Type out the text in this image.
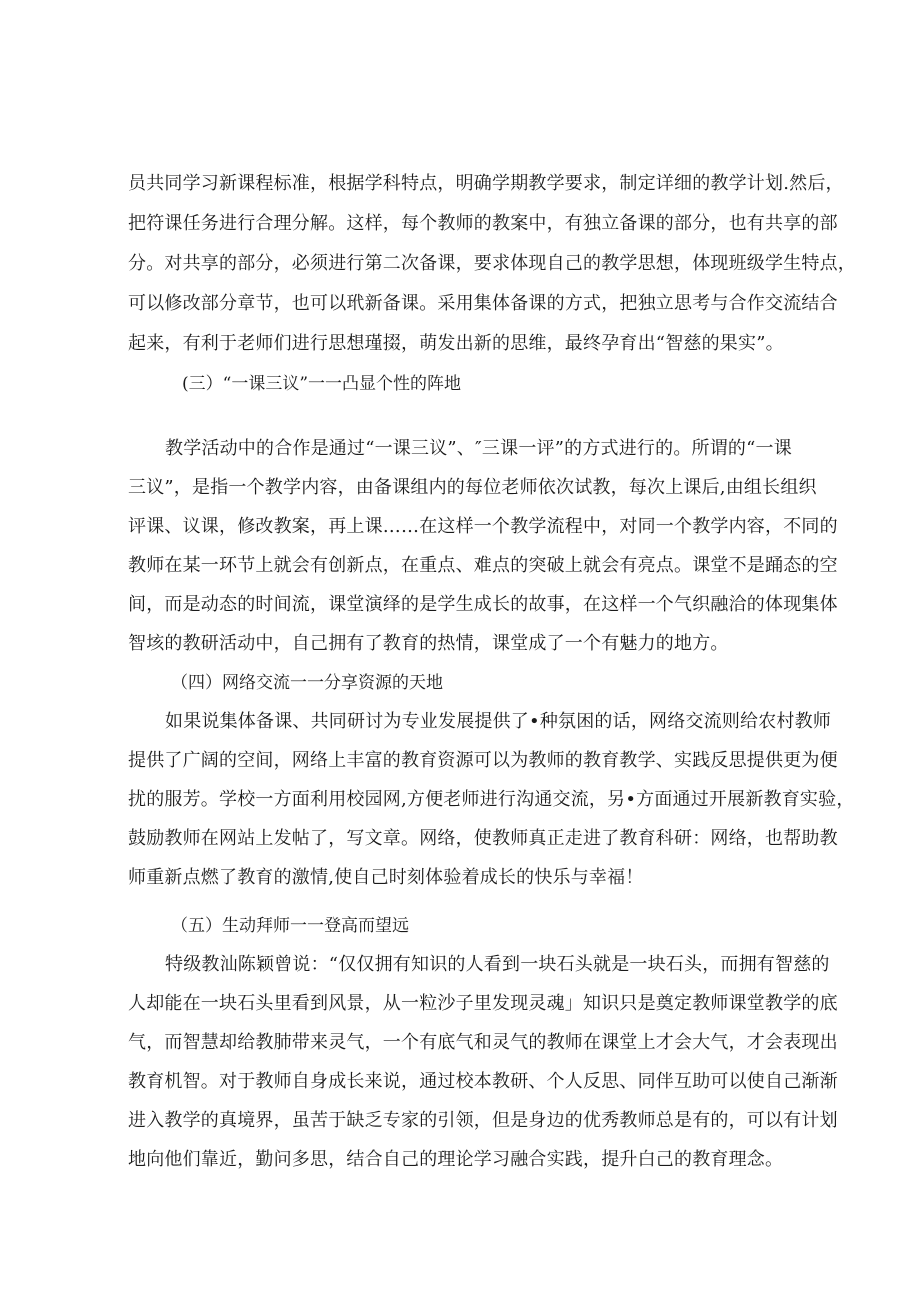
员共同学习新课程标准，根据学科特点，明确学期教学要求，制定详细的教学计划.然后，
把符课任务进行合理分解。这样，每个教师的教案中，有独立备课的部分，也有共享的部
分。对共享的部分，必须进行第二次备课，要求体现自己的教学思想，体现班级学生特点，
可以修改部分章节，也可以玳新备课。采用集体备课的方式，把独立思考与合作交流结合
起来，有利于老师们进行思想瑾掇，萌发出新的思维，最终孕育出“智慈的果实”。
(三）“一课三议”一一凸显个性的阵地
教学活动中的合作是通过“一课三议”、″三课一评”的方式进行的。所谓的“一课
三议”，是指一个教学内容，由备课组内的每位老师依次试教，每次上课后,由组长组织
评课、议课，修改教案，再上课……在这样一个教学流程中，对同一个教学内容，不同的
教师在某一环节上就会有创新点，在重点、难点的突破上就会有亮点。课堂不是踊态的空
间，而是动态的时间流，课堂演绎的是学生成长的故事，在这样一个气织融洽的体现集体
智垓的教研活动中，自己拥有了教育的热情，课堂成了一个有魅力的地方。
（四）网络交流一一分享资源的天地
如果说集体备课、共同研讨为专业发展提供了•种氛困的话，网络交流则给农村教师
提供了广阔的空间，网络上丰富的教育资源可以为教师的教育教学、实践反思提供更为便
扰的服芳。学校一方面利用校园网,方便老师进行沟通交流，另•方面通过开展新教育实验，
鼓励教师在网站上发帖了，写文章。网络，使教师真正走进了教育科研：网络，也帮助教
师重新点燃了教育的激情,使自己时刻体验着成长的快乐与幸福！
（五）生动拜师一一登高而望远
特级教汕陈颖曾说：“仅仅拥有知识的人看到一块石头就是一块石头，而拥有智慈的
人却能在一块石头里看到风景，从一粒沙子里发现灵魂」知识只是奠定教师课堂教学的底
气，而智慧却给教肺带来灵气，一个有底气和灵气的教师在课堂上才会大气，才会表现出
教育机智。对于教师自身成长来说，通过校本教研、个人反思、同伴互助可以使自己渐渐
进入教学的真境界，虽苦于缺乏专家的引领，但是身边的优秀教师总是有的，可以有计划
地向他们靠近，勤问多思，结合自己的理论学习融合实践，提升白己的教育理念。
